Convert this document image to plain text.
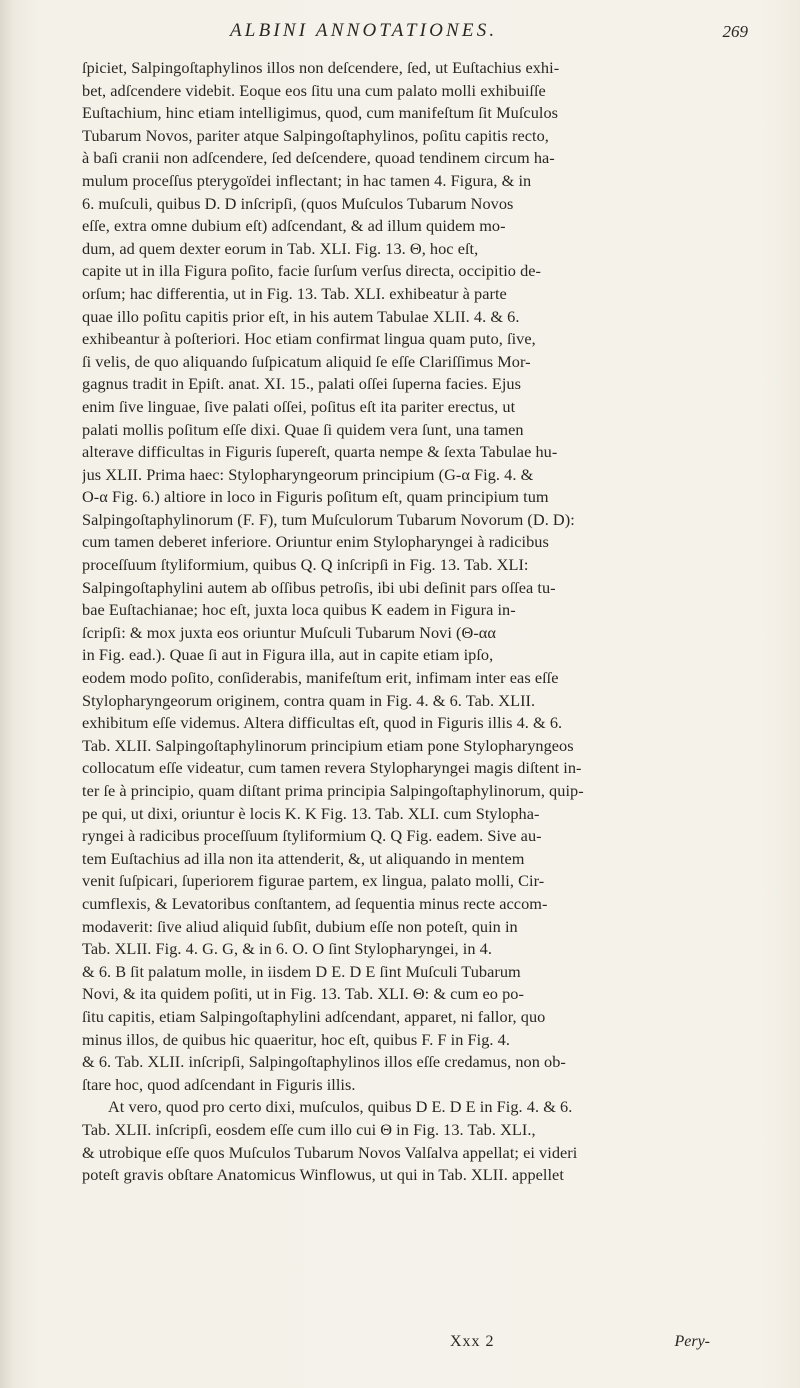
ALBINI ANNOTATIONES.	269
ſpiciet, Salpingoſtaphylinos illos non deſcendere, ſed, ut Euſtachius exhi-
bet, adſcendere videbit. Eoque eos ſitu una cum palato molli exhibuiſſe
Euſtachium, hinc etiam intelligimus, quod, cum manifeſtum ſit Muſculos
Tubarum Novos, pariter atque Salpingoſtaphylinos, poſitu capitis recto,
à baſi cranii non adſcendere, ſed deſcendere, quoad tendinem circum ha-
mulum proceſſus pterygoïdei inflectant; in hac tamen 4. Figura, & in
6. muſculi, quibus D. D inſcripſi, (quos Muſculos Tubarum Novos
eſſe, extra omne dubium eſt) adſcendant, & ad illum quidem mo-
dum, ad quem dexter eorum in Tab. XLI. Fig. 13. Θ, hoc eſt,
capite ut in illa Figura poſito, facie ſurſum verſus directa, occipitio de-
orſum; hac differentia, ut in Fig. 13. Tab. XLI. exhibeatur à parte
quae illo poſitu capitis prior eſt, in his autem Tabulae XLII. 4. & 6.
exhibeantur à poſteriori. Hoc etiam confirmat lingua quam puto, ſive,
ſi velis, de quo aliquando ſuſpicatum aliquid ſe eſſe Clariſſimus Mor-
gagnus tradit in Epiſt. anat. XI. 15., palati oſſei ſuperna facies. Ejus
enim ſive linguae, ſive palati oſſei, poſitus eſt ita pariter erectus, ut
palati mollis poſitum eſſe dixi. Quae ſi quidem vera ſunt, una tamen
alterave difficultas in Figuris ſupereſt, quarta nempe & ſexta Tabulae hu-
jus XLII. Prima haec: Stylopharyngeorum principium (G-α Fig. 4. &
O-α Fig. 6.) altiore in loco in Figuris poſitum eſt, quam principium tum
Salpingoſtaphylinorum (F. F), tum Muſculorum Tubarum Novorum (D. D):
cum tamen deberet inferiore. Oriuntur enim Stylopharyngei à radicibus
proceſſuum ſtyliformium, quibus Q. Q inſcripſi in Fig. 13. Tab. XLI:
Salpingoſtaphylini autem ab oſſibus petroſis, ibi ubi deſinit pars oſſea tu-
bae Euſtachianae; hoc eſt, juxta loca quibus K eadem in Figura in-
ſcripſi: & mox juxta eos oriuntur Muſculi Tubarum Novi (Θ-αα
in Fig. ead.). Quae ſi aut in Figura illa, aut in capite etiam ipſo,
eodem modo poſito, conſiderabis, manifeſtum erit, infimam inter eas eſſe
Stylopharyngeorum originem, contra quam in Fig. 4. & 6. Tab. XLII.
exhibitum eſſe videmus. Altera difficultas eſt, quod in Figuris illis 4. & 6.
Tab. XLII. Salpingoſtaphylinorum principium etiam pone Stylopharyngeos
collocatum eſſe videatur, cum tamen revera Stylopharyngei magis diſtent in-
ter ſe à principio, quam diſtant prima principia Salpingoſtaphylinorum, quip-
pe qui, ut dixi, oriuntur è locis K. K Fig. 13. Tab. XLI. cum Stylopha-
ryngei à radicibus proceſſuum ſtyliformium Q. Q Fig. eadem. Sive au-
tem Euſtachius ad illa non ita attenderit, &, ut aliquando in mentem
venit ſuſpicari, ſuperiorem figurae partem, ex lingua, palato molli, Cir-
cumflexis, & Levatoribus conſtantem, ad ſequentia minus recte accom-
modaverit: ſive aliud aliquid ſubſit, dubium eſſe non poteſt, quin in
Tab. XLII. Fig. 4. G. G, & in 6. O. O ſint Stylopharyngei, in 4.
& 6. B ſit palatum molle, in iisdem D E. D E ſint Muſculi Tubarum
Novi, & ita quidem poſiti, ut in Fig. 13. Tab. XLI. Θ: & cum eo po-
ſitu capitis, etiam Salpingoſtaphylini adſcendant, apparet, ni fallor, quo
minus illos, de quibus hic quaeritur, hoc eſt, quibus F. F in Fig. 4.
& 6. Tab. XLII. inſcripſi, Salpingoſtaphylinos illos eſſe credamus, non ob-
ſtare hoc, quod adſcendant in Figuris illis.
At vero, quod pro certo dixi, muſculos, quibus D E. D E in Fig. 4. & 6.
Tab. XLII. inſcripſi, eosdem eſſe cum illo cui Θ in Fig. 13. Tab. XLI.,
& utrobique eſſe quos Muſculos Tubarum Novos Valſalva appellat; ei videri
poteſt gravis obſtare Anatomicus Winflowus, ut qui in Tab. XLII. appellet
Xxx 2	Pery-
